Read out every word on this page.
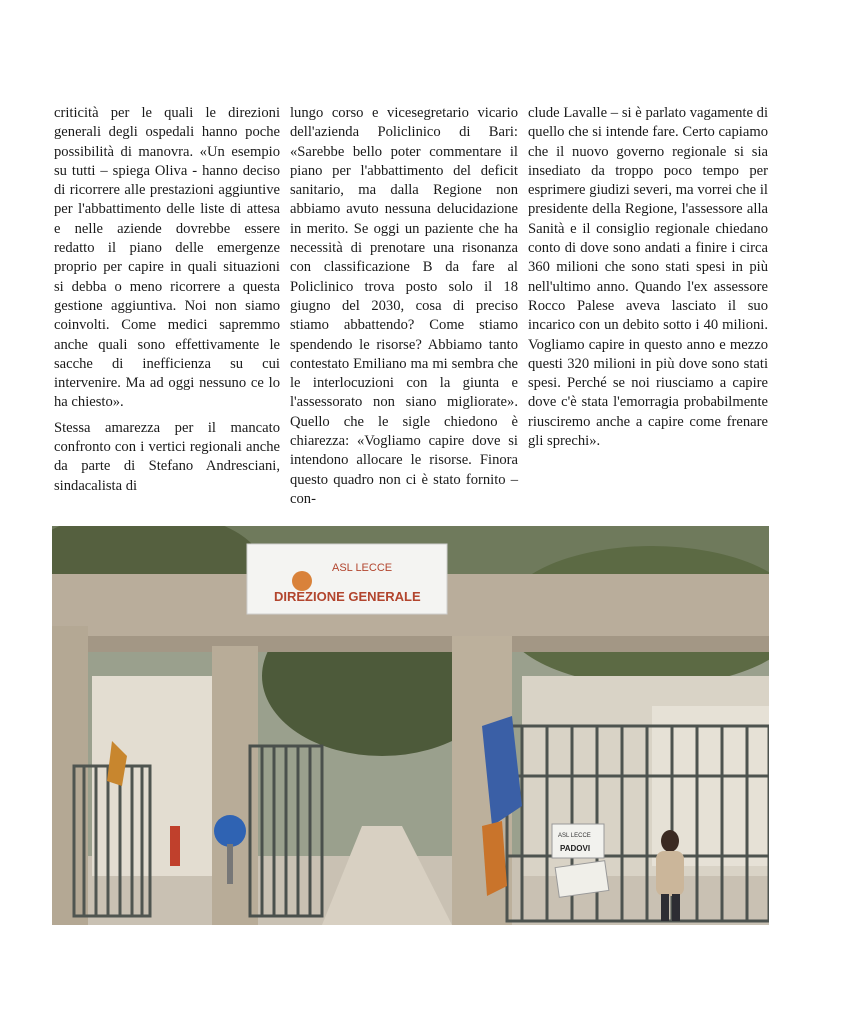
criticità per le quali le direzioni generali degli ospedali hanno poche possibilità di manovra. «Un esempio su tutti – spiega Oliva - hanno deciso di ricorrere alle prestazioni aggiuntive per l'abbattimento delle liste di attesa e nelle aziende dovrebbe essere redatto il piano delle emergenze proprio per capire in quali situazioni si debba o meno ricorrere a questa gestione aggiuntiva. Noi non siamo coinvolti. Come medici sapremmo anche quali sono effettivamente le sacche di inefficienza su cui intervenire. Ma ad oggi nessuno ce lo ha chiesto».

Stessa amarezza per il mancato confronto con i vertici regionali anche da parte di Stefano Andresciani, sindacalista di

lungo corso e vicesegretario vicario dell'azienda Policlinico di Bari: «Sarebbe bello poter commentare il piano per l'abbattimento del deficit sanitario, ma dalla Regione non abbiamo avuto nessuna delucidazione in merito. Se oggi un paziente che ha necessità di prenotare una risonanza con classificazione B da fare al Policlinico trova posto solo il 18 giugno del 2030, cosa di preciso stiamo abbattendo? Come stiamo spendendo le risorse? Abbiamo tanto contestato Emiliano ma mi sembra che le interlocuzioni con la giunta e l'assessorato non siano migliorate». Quello che le sigle chiedono è chiarezza: «Vogliamo capire dove si intendono allocare le risorse. Finora questo quadro non ci è stato fornito – con-

clude Lavalle – si è parlato vagamente di quello che si intende fare. Certo capiamo che il nuovo governo regionale si sia insediato da troppo poco tempo per esprimere giudizi severi, ma vorrei che il presidente della Regione, l'assessore alla Sanità e il consiglio regionale chiedano conto di dove sono andati a finire i circa 360 milioni che sono stati spesi in più nell'ultimo anno. Quando l'ex assessore Rocco Palese aveva lasciato il suo incarico con un debito sotto i 40 milioni. Vogliamo capire in questo anno e mezzo questi 320 milioni in più dove sono stati spesi. Perché se noi riusciamo a capire dove c'è stata l'emorragia probabilmente riusciremo anche a capire come frenare gli sprechi».

ASL LECCE
DIREZIONE GENERALE
ASL LECCE
PADOVI
